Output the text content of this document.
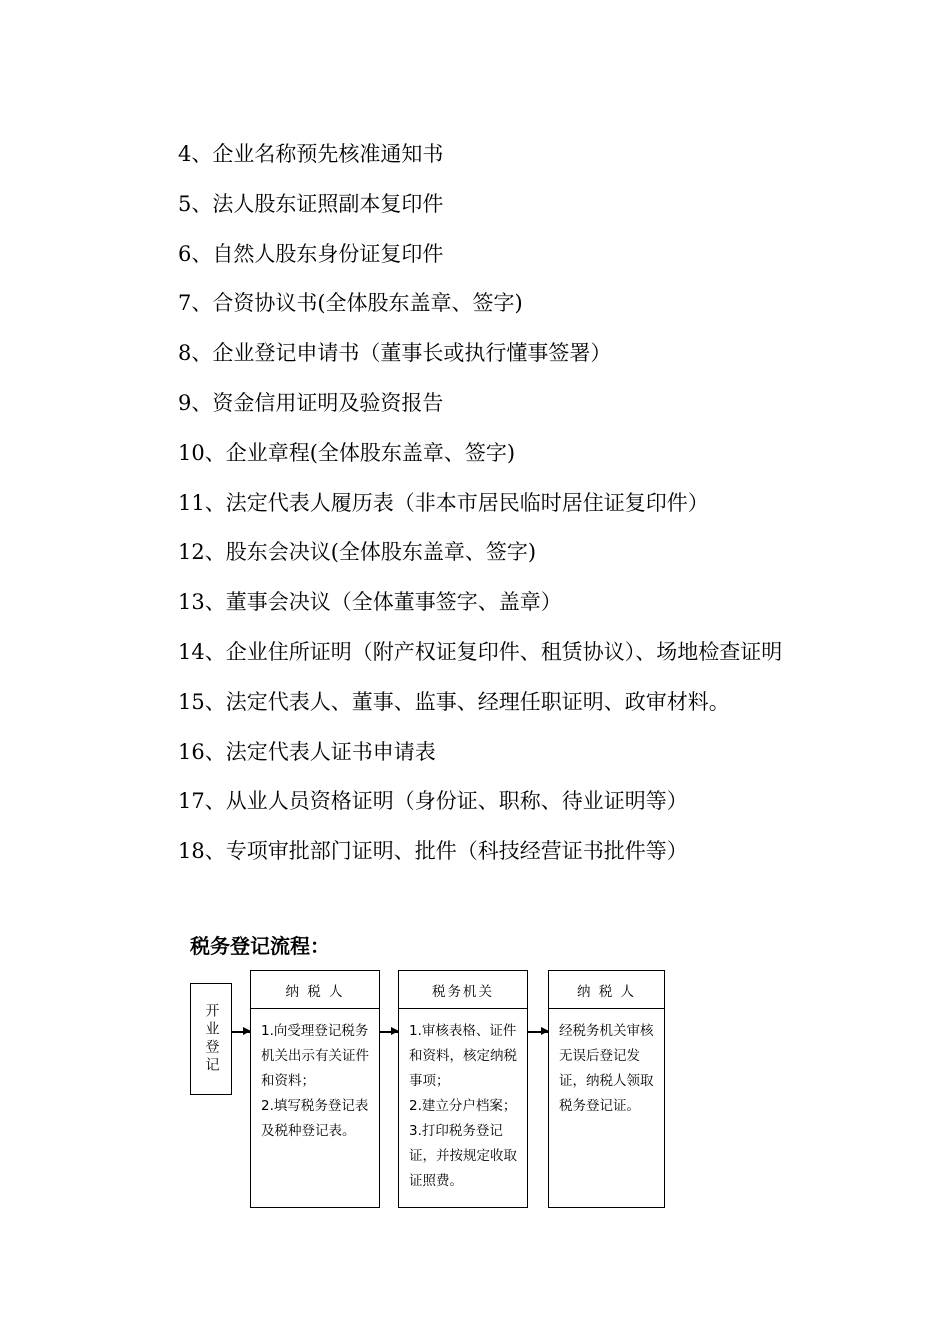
4、企业名称预先核准通知书
5、法人股东证照副本复印件
6、自然人股东身份证复印件
7、合资协议书(全体股东盖章、签字)
8、企业登记申请书（董事长或执行懂事签署）
9、资金信用证明及验资报告
10、企业章程(全体股东盖章、签字)
11、法定代表人履历表（非本市居民临时居住证复印件）
12、股东会决议(全体股东盖章、签字)
13、董事会决议（全体董事签字、盖章）
14、企业住所证明（附产权证复印件、租赁协议）、场地检查证明
15、法定代表人、董事、监事、经理任职证明、政审材料。
16、法定代表人证书申请表
17、从业人员资格证明（身份证、职称、待业证明等）
18、专项审批部门证明、批件（科技经营证书批件等）
税务登记流程：
开业登记
纳 税 人
1.向受理登记税务机关出示有关证件和资料；
2.填写税务登记表及税种登记表。
税务机关
1.审核表格、证件和资料，核定纳税事项；
2.建立分户档案；
3.打印税务登记证，并按规定收取证照费。
纳 税 人
经税务机关审核无误后登记发证，纳税人领取税务登记证。
